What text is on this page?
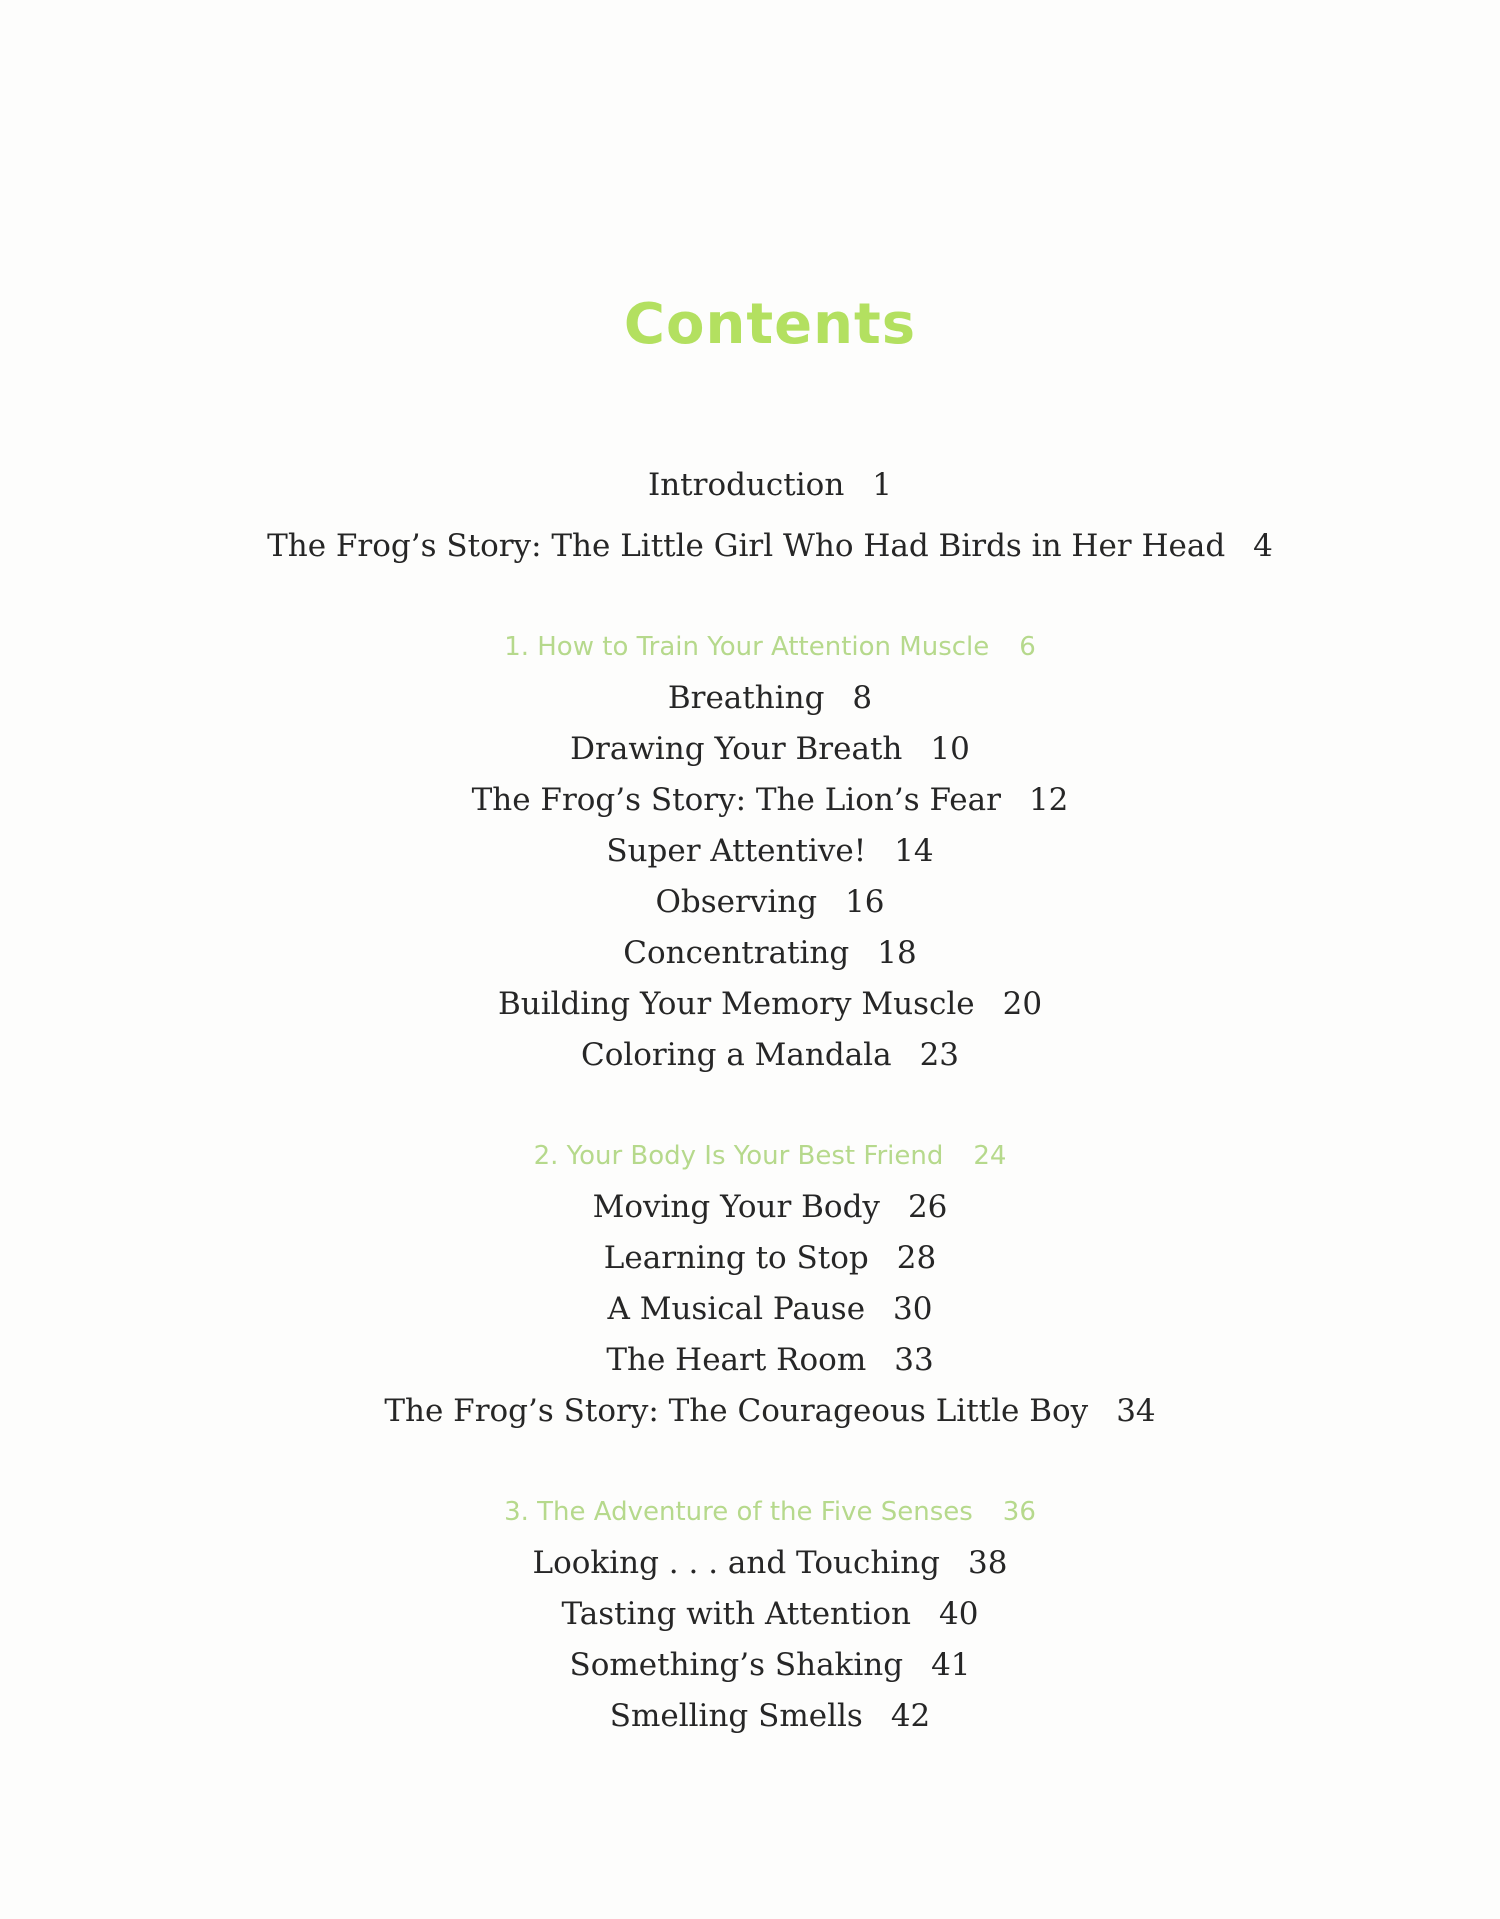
Contents
Introduction 1
The Frog’s Story: The Little Girl Who Had Birds in Her Head 4
1. How to Train Your Attention Muscle 6
Breathing 8
Drawing Your Breath 10
The Frog’s Story: The Lion’s Fear 12
Super Attentive! 14
Observing 16
Concentrating 18
Building Your Memory Muscle 20
Coloring a Mandala 23
2. Your Body Is Your Best Friend 24
Moving Your Body 26
Learning to Stop 28
A Musical Pause 30
The Heart Room 33
The Frog’s Story: The Courageous Little Boy 34
3. The Adventure of the Five Senses 36
Looking . . . and Touching 38
Tasting with Attention 40
Something’s Shaking 41
Smelling Smells 42
